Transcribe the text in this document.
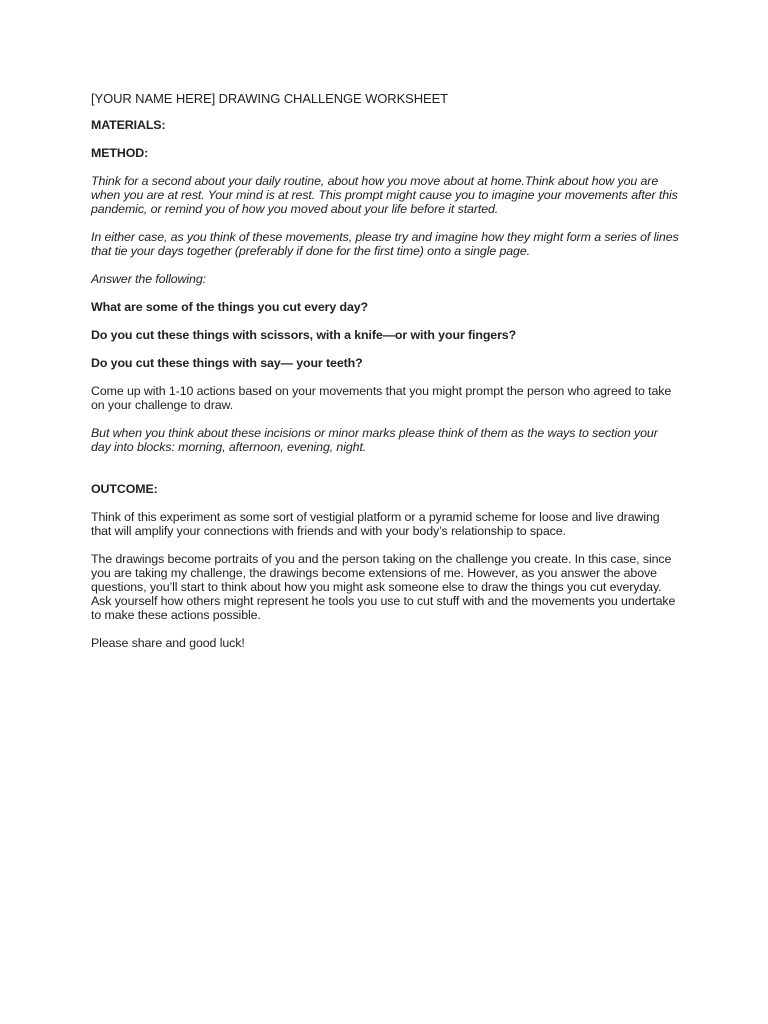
[YOUR NAME HERE] DRAWING CHALLENGE WORKSHEET
MATERIALS:
METHOD:

Think for a second about your daily routine, about how you move about at home.Think about how you are when you are at rest. Your mind is at rest. This prompt might cause you to imagine your movements after this pandemic, or remind you of how you moved about your life before it started.

In either case, as you think of these movements, please try and imagine how they might form a series of lines that tie your days together (preferably if done for the first time) onto a single page.

Answer the following:

What are some of the things you cut every day?

Do you cut these things with scissors, with a knife—or with your fingers?

Do you cut these things with say— your teeth?

Come up with 1-10 actions based on your movements that you might prompt the person who agreed to take on your challenge to draw.

But when you think about these incisions or minor marks please think of them as the ways to section your day into blocks: morning, afternoon, evening, night.

OUTCOME:

Think of this experiment as some sort of vestigial platform or a pyramid scheme for loose and live drawing that will amplify your connections with friends and with your body’s relationship to space.

The drawings become portraits of you and the person taking on the challenge you create. In this case, since you are taking my challenge, the drawings become extensions of me. However, as you answer the above questions, you’ll start to think about how you might ask someone else to draw the things you cut everyday. Ask yourself how others might represent he tools you use to cut stuff with and the movements you undertake to make these actions possible.

Please share and good luck!
